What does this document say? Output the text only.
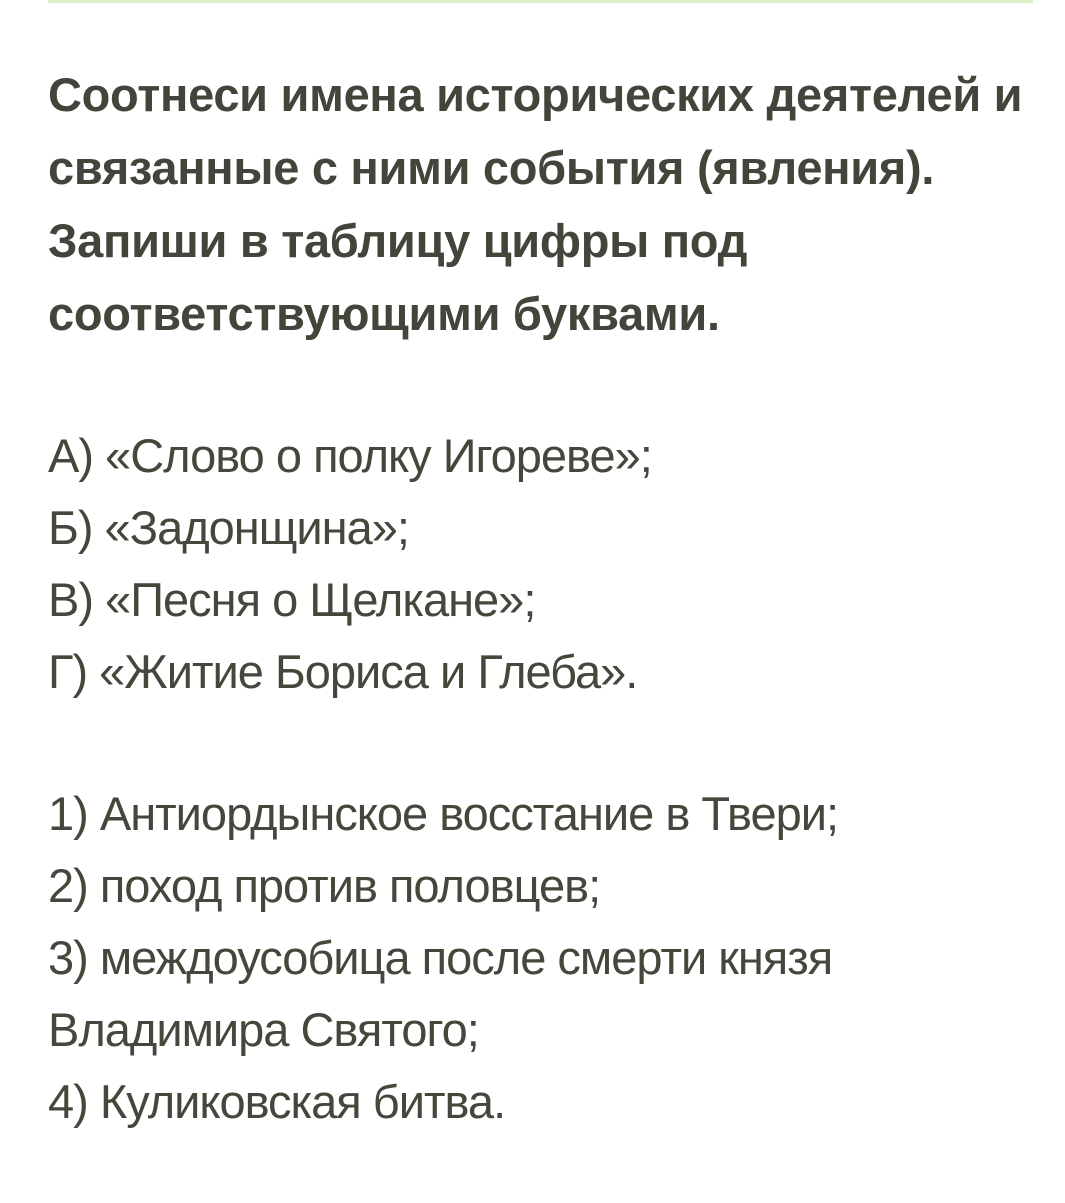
Соотнеси имена исторических деятелей и
связанные с ними события (явления).
Запиши в таблицу цифры под
соответствующими буквами.

А) «Слово о полку Игореве»;
Б) «Задонщина»;
В) «Песня о Щелкане»;
Г) «Житие Бориса и Глеба».
1) Антиордынское восстание в Твери;
2) поход против половцев;
3) междоусобица после смерти князя
Владимира Святого;
4) Куликовская битва.
